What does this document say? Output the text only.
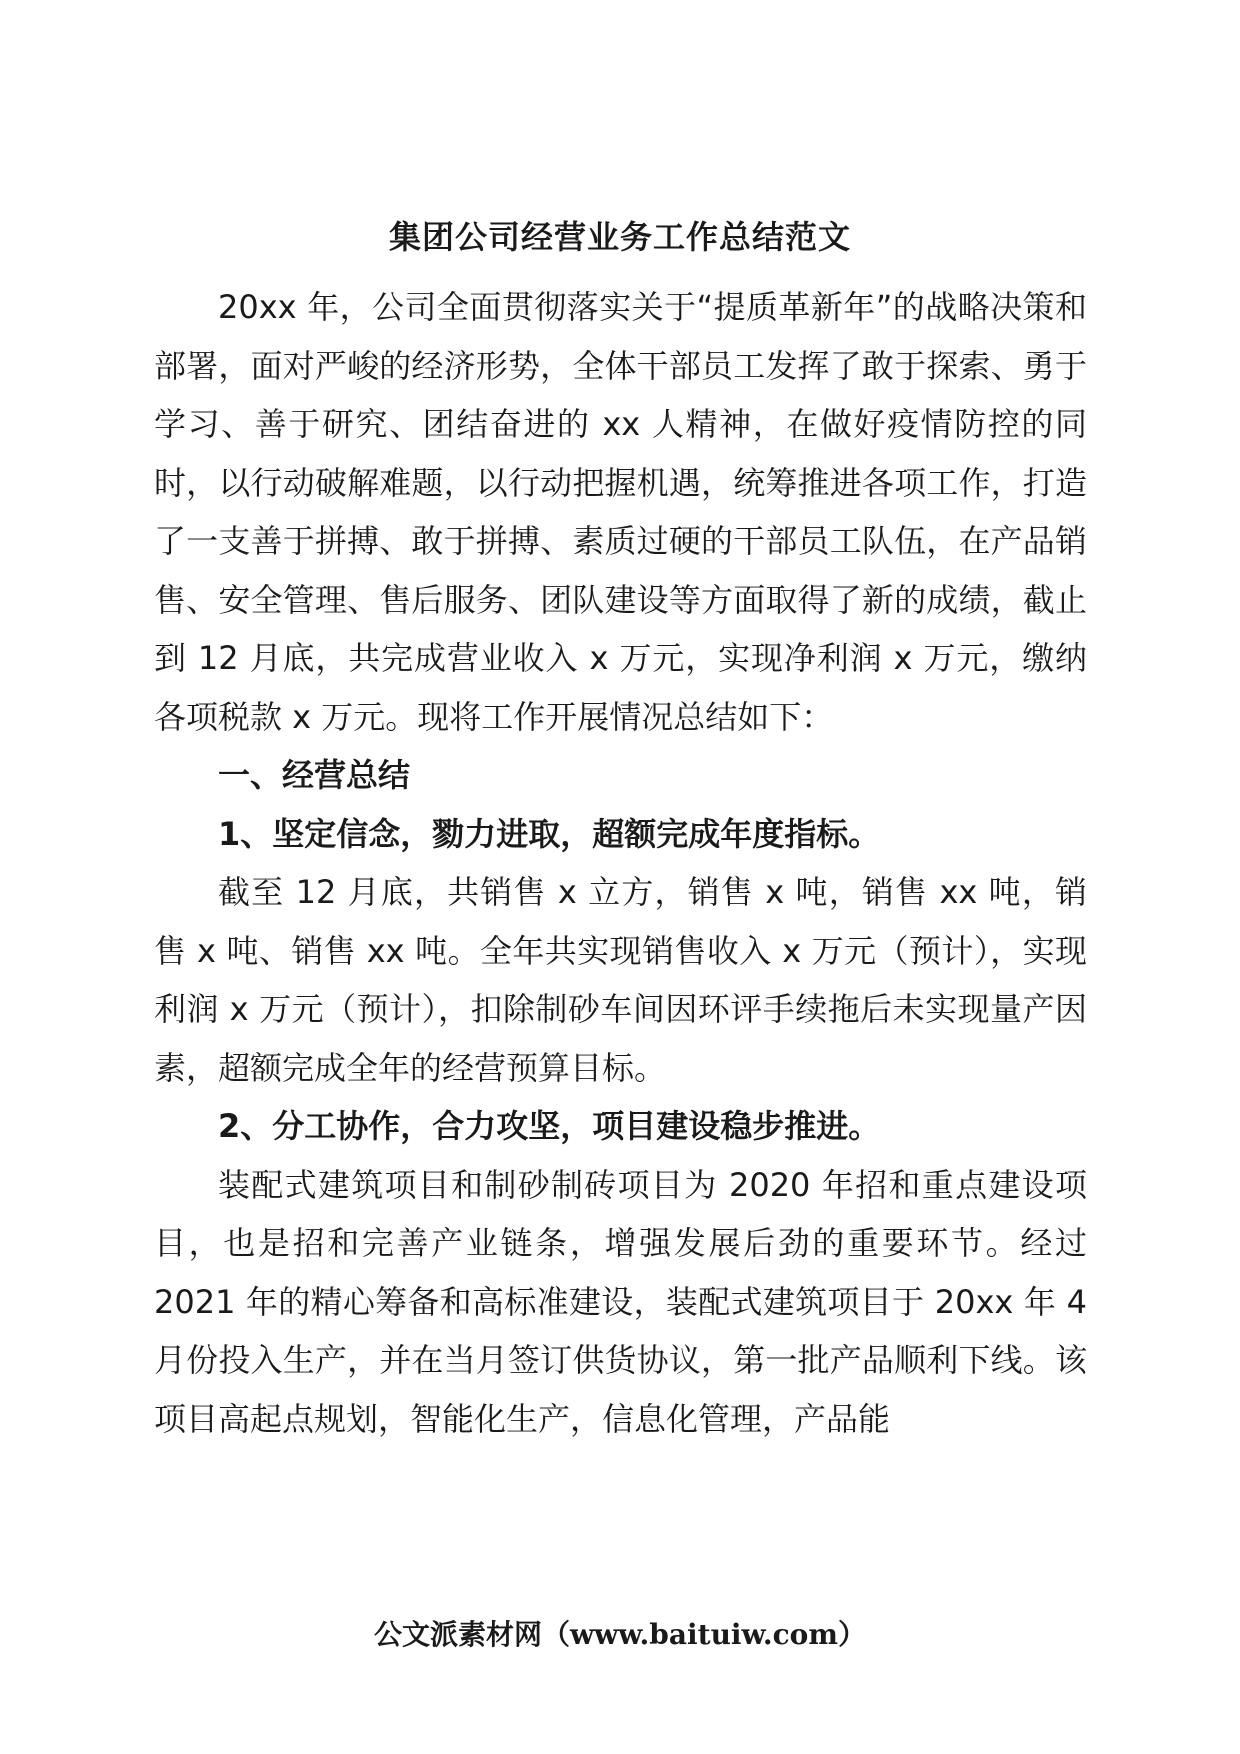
集团公司经营业务工作总结范文

20xx 年，公司全面贯彻落实关于“提质革新年”的战略决策和部署，面对严峻的经济形势，全体干部员工发挥了敢于探索、勇于学习、善于研究、团结奋进的 xx 人精神，在做好疫情防控的同时，以行动破解难题，以行动把握机遇，统筹推进各项工作，打造了一支善于拼搏、敢于拼搏、素质过硬的干部员工队伍，在产品销售、安全管理、售后服务、团队建设等方面取得了新的成绩，截止到 12 月底，共完成营业收入 x 万元，实现净利润 x 万元，缴纳各项税款 x 万元。现将工作开展情况总结如下：

一、经营总结

1、坚定信念，勠力进取，超额完成年度指标。

截至 12 月底，共销售 x 立方，销售 x 吨，销售 xx 吨，销售 x 吨、销售 xx 吨。全年共实现销售收入 x 万元（预计），实现利润 x 万元（预计），扣除制砂车间因环评手续拖后未实现量产因素，超额完成全年的经营预算目标。

2、分工协作，合力攻坚，项目建设稳步推进。

装配式建筑项目和制砂制砖项目为 2020 年招和重点建设项目，也是招和完善产业链条，增强发展后劲的重要环节。经过 2021 年的精心筹备和高标准建设，装配式建筑项目于 20xx 年 4 月份投入生产，并在当月签订供货协议，第一批产品顺利下线。该项目高起点规划，智能化生产，信息化管理，产品能

公文派素材网（www.baituiw.com）
